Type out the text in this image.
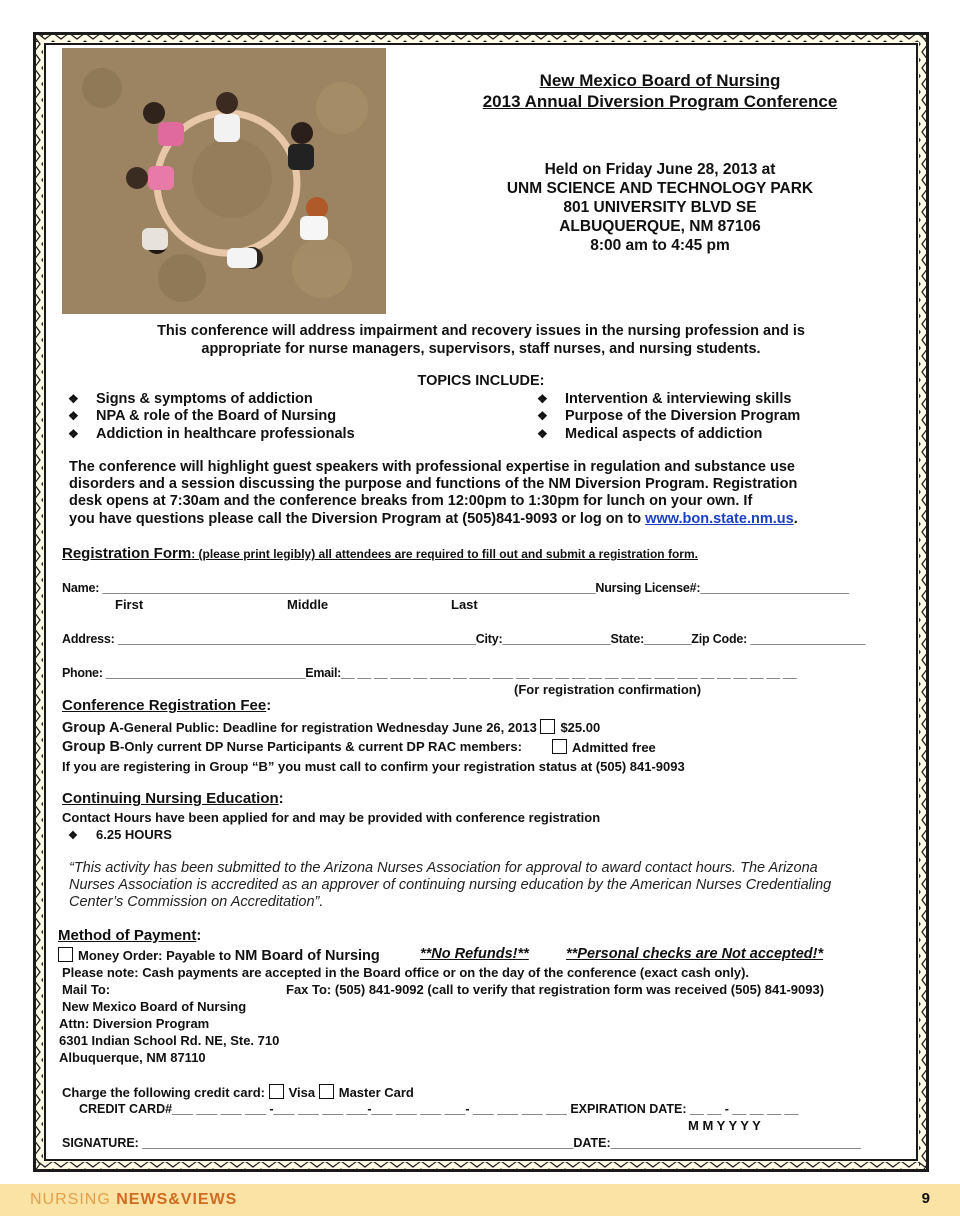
New Mexico Board of Nursing
2013 Annual Diversion Program Conference
Held on Friday June 28, 2013 at
UNM SCIENCE AND TECHNOLOGY PARK
801 UNIVERSITY BLVD SE
ALBUQUERQUE, NM 87106
8:00 am to 4:45 pm
This conference will address impairment and recovery issues in the nursing profession and is
appropriate for nurse managers, supervisors, staff nurses, and nursing students.
TOPICS INCLUDE:
❖ Signs & symptoms of addiction
❖ NPA & role of the Board of Nursing
❖ Addiction in healthcare professionals
❖ Intervention & interviewing skills
❖ Purpose of the Diversion Program
❖ Medical aspects of addiction
The conference will highlight guest speakers with professional expertise in regulation and substance use
disorders and a session discussing the purpose and functions of the NM Diversion Program. Registration
desk opens at 7:30am and the conference breaks from 12:00pm to 1:30pm for lunch on your own. If
you have questions please call the Diversion Program at (505)841-9093 or log on to www.bon.state.nm.us.
Registration Form: (please print legibly) all attendees are required to fill out and submit a registration form.
Name: _________________________________________________________________________Nursing License#:______________________
First	Middle	Last
Address: _____________________________________________________City:________________State:_______Zip Code: _________________
Phone: ______________________________Email:__ __ __ ___ __ ___ __ ___ ___ __ ___ __ __ __ __ __ __ ___ ___ __ __ __ __ __ __
(For registration confirmation)
Conference Registration Fee:
Group A-General Public: Deadline for registration Wednesday June 26, 2013 $25.00
Group B-Only current DP Nurse Participants & current DP RAC members:	Admitted free
If you are registering in Group “B” you must call to confirm your registration status at (505) 841-9093
Continuing Nursing Education:
Contact Hours have been applied for and may be provided with conference registration
❖ 6.25 HOURS
“This activity has been submitted to the Arizona Nurses Association for approval to award contact hours. The Arizona
Nurses Association is accredited as an approver of continuing nursing education by the American Nurses Credentialing
Center’s Commission on Accreditation”.
Method of Payment:
Money Order: Payable to NM Board of Nursing	**No Refunds!**	**Personal checks are Not accepted!*
Please note: Cash payments are accepted in the Board office or on the day of the conference (exact cash only).
Mail To:	Fax To: (505) 841-9092 (call to verify that registration form was received (505) 841-9093)
New Mexico Board of Nursing
Attn: Diversion Program
6301 Indian School Rd. NE, Ste. 710
Albuquerque, NM 87110
Charge the following credit card: Visa Master Card
CREDIT CARD#___ ___ ___ ___ -___ ___ ___ ___-___ ___ ___ ___- ___ ___ ___ ___ EXPIRATION DATE: __ __ - __ __ __ __
M M Y Y Y Y
SIGNATURE: ______________________________________________________________DATE:____________________________________
NURSING NEWS&VIEWS	9
